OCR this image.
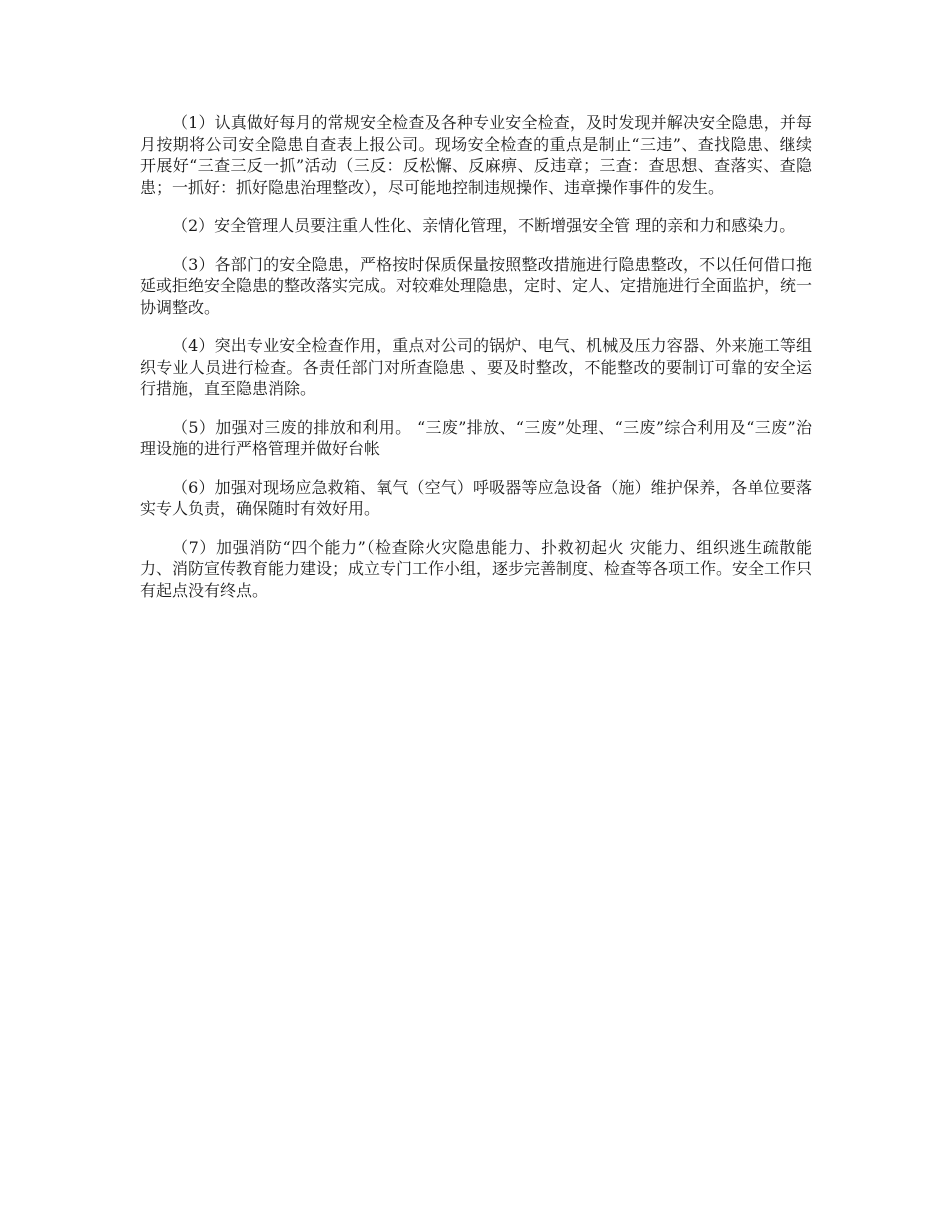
（1）认真做好每月的常规安全检查及各种专业安全检查，及时发现并解决安全隐患，并每月按期将公司安全隐患自查表上报公司。现场安全检查的重点是制止“三违”、查找隐患、继续开展好“三查三反一抓”活动（三反：反松懈、反麻痹、反违章；三查：查思想、查落实、查隐患；一抓好：抓好隐患治理整改），尽可能地控制违规操作、违章操作事件的发生。

（2）安全管理人员要注重人性化、亲情化管理，不断增强安全管 理的亲和力和感染力。

（3）各部门的安全隐患，严格按时保质保量按照整改措施进行隐患整改，不以任何借口拖延或拒绝安全隐患的整改落实完成。对较难处理隐患，定时、定人、定措施进行全面监护，统一协调整改。

（4）突出专业安全检查作用，重点对公司的锅炉、电气、机械及压力容器、外来施工等组织专业人员进行检查。各责任部门对所查隐患 、要及时整改，不能整改的要制订可靠的安全运行措施，直至隐患消除。

（5）加强对三废的排放和利用。 “三废”排放、“三废”处理、“三废”综合利用及“三废”治理设施的进行严格管理并做好台帐

（6）加强对现场应急救箱、氧气（空气）呼吸器等应急设备（施）维护保养，各单位要落实专人负责，确保随时有效好用。

（7）加强消防“四个能力”（检查除火灾隐患能力、扑救初起火 灾能力、组织逃生疏散能力、消防宣传教育能力建设；成立专门工作小组，逐步完善制度、检查等各项工作。安全工作只有起点没有终点。
